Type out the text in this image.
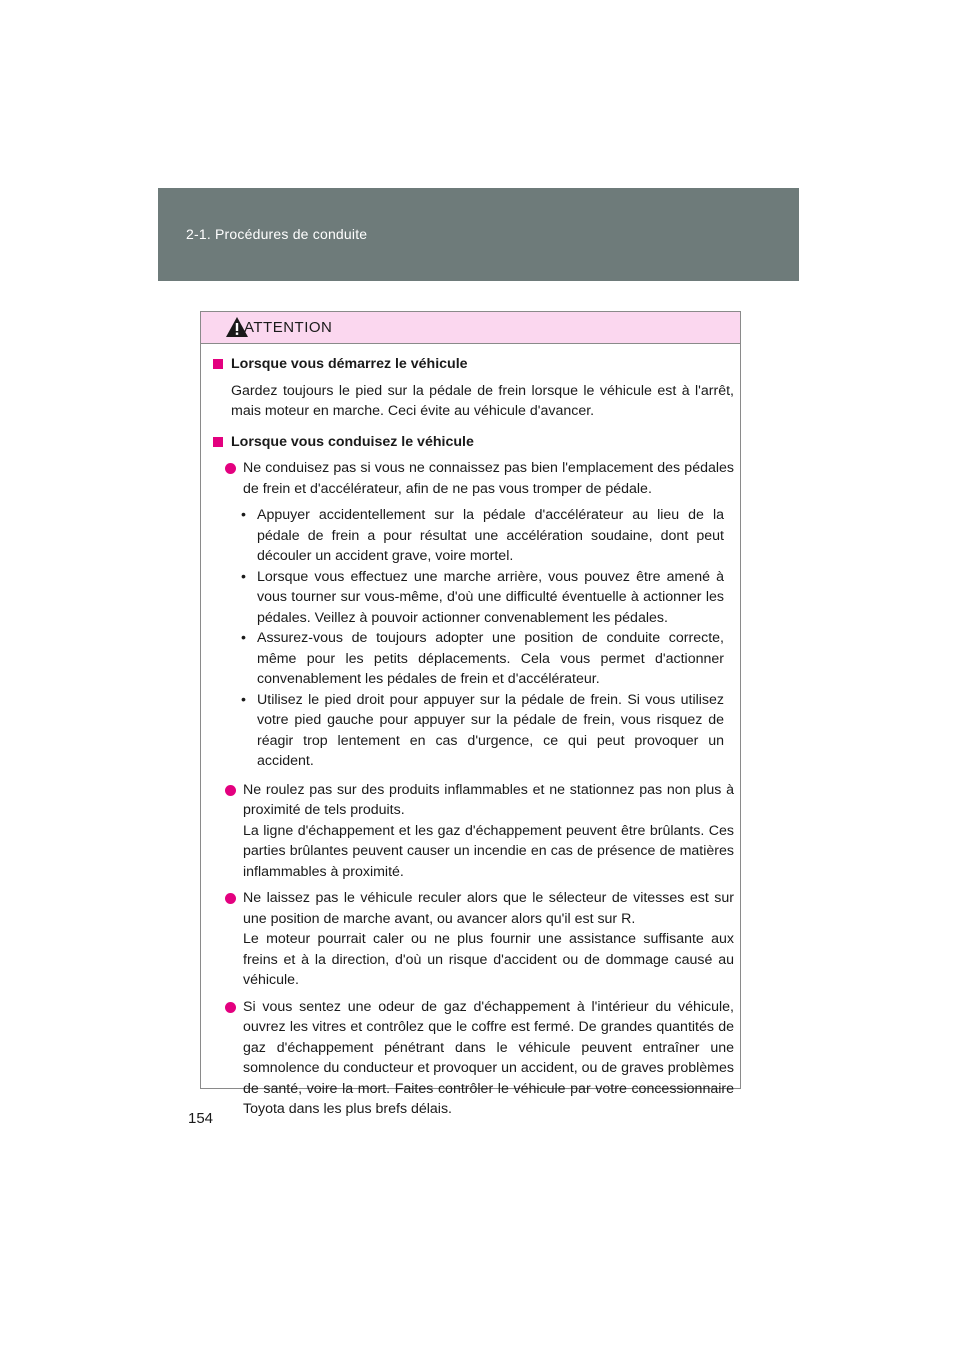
2-1. Procédures de conduite
ATTENTION

Lorsque vous démarrez le véhicule

Gardez toujours le pied sur la pédale de frein lorsque le véhicule est à l'arrêt, mais moteur en marche. Ceci évite au véhicule d'avancer.

Lorsque vous conduisez le véhicule

Ne conduisez pas si vous ne connaissez pas bien l'emplacement des pédales de frein et d'accélérateur, afin de ne pas vous tromper de pédale.

• Appuyer accidentellement sur la pédale d'accélérateur au lieu de la pédale de frein a pour résultat une accélération soudaine, dont peut découler un accident grave, voire mortel.

• Lorsque vous effectuez une marche arrière, vous pouvez être amené à vous tourner sur vous-même, d'où une difficulté éventuelle à actionner les pédales. Veillez à pouvoir actionner convenablement les pédales.

• Assurez-vous de toujours adopter une position de conduite correcte, même pour les petits déplacements. Cela vous permet d'actionner convenablement les pédales de frein et d'accélérateur.

• Utilisez le pied droit pour appuyer sur la pédale de frein. Si vous utilisez votre pied gauche pour appuyer sur la pédale de frein, vous risquez de réagir trop lentement en cas d'urgence, ce qui peut provoquer un accident.

Ne roulez pas sur des produits inflammables et ne stationnez pas non plus à proximité de tels produits.

La ligne d'échappement et les gaz d'échappement peuvent être brûlants. Ces parties brûlantes peuvent causer un incendie en cas de présence de matières inflammables à proximité.

Ne laissez pas le véhicule reculer alors que le sélecteur de vitesses est sur une position de marche avant, ou avancer alors qu'il est sur R.

Le moteur pourrait caler ou ne plus fournir une assistance suffisante aux freins et à la direction, d'où un risque d'accident ou de dommage causé au véhicule.

Si vous sentez une odeur de gaz d'échappement à l'intérieur du véhicule, ouvrez les vitres et contrôlez que le coffre est fermé. De grandes quantités de gaz d'échappement pénétrant dans le véhicule peuvent entraîner une somnolence du conducteur et provoquer un accident, ou de graves problèmes de santé, voire la mort. Faites contrôler le véhicule par votre concessionnaire Toyota dans les plus brefs délais.

154
